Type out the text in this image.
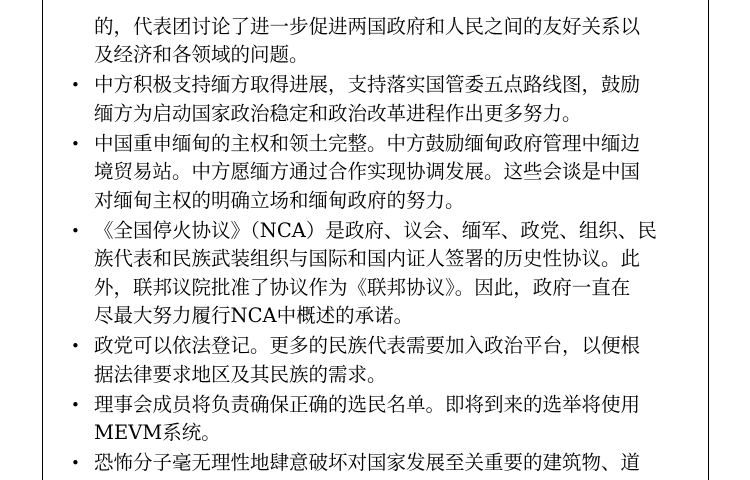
的，代表团讨论了进一步促进两国政府和人民之间的友好关系以
及经济和各领域的问题。
• 中方积极支持缅方取得进展，支持落实国管委五点路线图，鼓励
缅方为启动国家政治稳定和政治改革进程作出更多努力。
• 中国重申缅甸的主权和领土完整。中方鼓励缅甸政府管理中缅边
境贸易站。中方愿缅方通过合作实现协调发展。这些会谈是中国
对缅甸主权的明确立场和缅甸政府的努力。
• 《全国停火协议》（NCA）是政府、议会、缅军、政党、组织、民
族代表和民族武装组织与国际和国内证人签署的历史性协议。此
外，联邦议院批准了协议作为《联邦协议》。因此，政府一直在
尽最大努力履行NCA中概述的承诺。
• 政党可以依法登记。更多的民族代表需要加入政治平台，以便根
据法律要求地区及其民族的需求。
• 理事会成员将负责确保正确的选民名单。即将到来的选举将使用
MEVM系统。
• 恐怖分子毫无理性地肆意破坏对国家发展至关重要的建筑物、道
